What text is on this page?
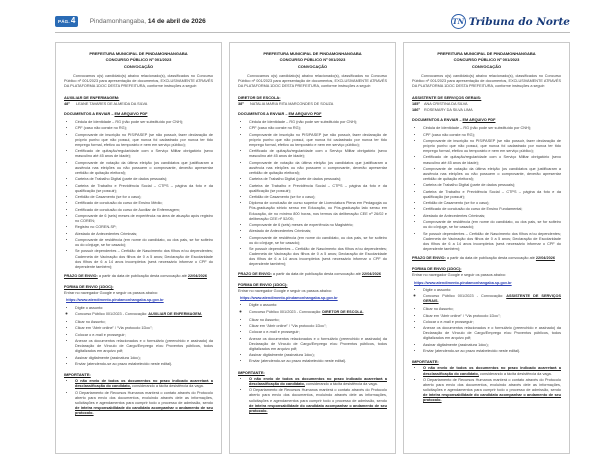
PÁG. 4 Pindamonhangaba, 14 de abril de 2026	TN Tribuna do Norte
PREFEITURA MUNICIPAL DE PINDAMONHANGABA
CONCURSO PÚBLICO Nº 001/2023
CONVOCAÇÃO

Convocamos o(s) candidato(s) abaixo relacionado(s), classificados no Concurso Público nº 001/2023 para apresentação de documentos, EXCLUSIVAMENTE ATRAVÉS DA PLATAFORMA 1DOC DESTA PREFEITURA, conforme instruções a seguir:

AUXILIAR DE ENFERMAGEM:
48ª	LEANE TAVARES DE ALMEIDA DA SILVA
DOCUMENTOS A ENVIAR – EM ARQUIVO PDF
• Cédula de Identidade – RG (não pode ser substituído por CNH);
• CPF (caso não conste no RG);
• Comprovante de inscrição no PIS/PASEP (se não possuir, fazer declaração de próprio punho que não possui, que nunca foi cadastrado por nunca ter tido emprego formal, efetivo ou temporário e nem em serviço público);
• Certificado de quitação/regularidade com o Serviço Militar obrigatório (sexo masculino até 45 anos de idade);
• Comprovante de votação da última eleição (os candidatos que justificaram a ausência nas eleições ou não possuem o comprovante, deverão apresentar certidão de quitação eleitoral);
• Carteira de Trabalho Digital (parte de dados pessoais);
• Carteira de Trabalho e Previdência Social – CTPS – página da foto e da qualificação (se possuir);
• Certidão de Casamento (se for o caso);
• Certificado de conclusão do curso de Ensino Médio;
• Certificado de conclusão do curso de Auxiliar de Enfermagem;
• Comprovante de 6 (seis) meses de experiência na área de atuação após registro no COREN;
• Registro no COREN-SP;
• Atestado de Antecedentes Criminais;
• Comprovante de residência (em nome do candidato, ou dos pais, se for solteiro ou do cônjuge, se for casado);
• Se possuir dependentes – Certidão de Nascimento dos filhos e/ou dependentes; Caderneta de Vacinação dos filhos de 0 a 5 anos; Declaração de Escolaridade dos filhos de 6 a 14 anos incompletos (será necessário informar o CPF do dependente também);

PRAZO DE ENVIO: a partir da data de publicação desta convocação até 22/04/2026

FORMA DE ENVIO (1DOC):

Entrar no navegador Google e seguir os passos abaixo:

https://www.atendimento.pindamonhangaba.sp.gov.br

• Digite o assunto:
◦ Concurso Público 001/2023 - Convocação: AUXILIAR DE ENFERMAGEM.
• Clicar no Assunto;
• Clicar em “Abrir online” / “Via protocolo 1Doc”;
• Colocar o e-mail e prosseguir;
• Anexar os documentos relacionados e o formulário (preenchido e assinado) da Declaração de Vínculo de Cargo/Emprego e/ou Proventos públicos, todos digitalizados em arquivo pdf;
• Assinar digitalmente (assinatura 1doc);
• Enviar (atendendo-se ao prazo estabelecido neste edital).
IMPORTANTE:
• O não envio de todos os documentos no prazo indicado acarretará a desclassificação do candidato, considerando a tácita desistência da vaga.
• O Departamento de Recursos Humanos manterá o contato através do Protocolo aberto para envio dos documentos, evoluindo através dele as informações, solicitações e agendamentos para cumprir todo o processo de admissão, sendo de inteira responsabilidade do candidato acompanhar o andamento de seu protocolo.
PREFEITURA MUNICIPAL DE PINDAMONHANGABA
CONCURSO PÚBLICO Nº 001/2023
CONVOCAÇÃO

Convocamos o(s) candidato(s) abaixo relacionado(s), classificados no Concurso Público nº 001/2023 para apresentação de documentos, EXCLUSIVAMENTE ATRAVÉS DA PLATAFORMA 1DOC DESTA PREFEITURA, conforme instruções a seguir:

DIRETOR DE ESCOLA:
38ª	NATALIA MARIA RITA MARCONDES DE SOUZA
DOCUMENTOS A ENVIAR – EM ARQUIVO PDF
• Cédula de Identidade – RG (não pode ser substituído por CNH);
• CPF (caso não conste no RG);
• Comprovante de inscrição no PIS/PASEP (se não possuir, fazer declaração de próprio punho que não possui, que nunca foi cadastrado por nunca ter tido emprego formal, efetivo ou temporário e nem em serviço público);
• Certificado de quitação/regularidade com o Serviço Militar obrigatório (sexo masculino até 45 anos de idade);
• Comprovante de votação da última eleição (os candidatos que justificaram a ausência nas eleições ou não possuem o comprovante, deverão apresentar certidão de quitação eleitoral);
• Carteira de Trabalho Digital (parte de dados pessoais);
• Carteira de Trabalho e Previdência Social – CTPS – página da foto e da qualificação (se possuir);
• Certidão de Casamento (se for o caso);
• Diploma de conclusão de curso superior de Licenciatura Plena em Pedagogia ou Pós-graduação stricto sensu em Educação, ou Pós-graduação lato sensu em Educação, de no mínimo 800 horas, nos termos da deliberação CEE nº 26/02 e deliberação CEE nº 52/05;
• Comprovante de 6 (seis) meses de experiência no Magistério;
• Atestado de Antecedentes Criminais;
• Comprovante de residência (em nome do candidato, ou dos pais, se for solteiro ou do cônjuge, se for casado);
• Se possuir dependentes – Certidão de Nascimento dos filhos e/ou dependentes; Caderneta de Vacinação dos filhos de 0 a 5 anos; Declaração de Escolaridade dos filhos de 6 a 14 anos incompletos (será necessário informar o CPF do dependente também);

PRAZO DE ENVIO: a partir da data de publicação desta convocação até 22/04/2026

FORMA DE ENVIO (1DOC):

Entrar no navegador Google e seguir os passos abaixo:

https://www.atendimento.pindamonhangaba.sp.gov.br

• Digite o assunto:
◦ Concurso Público 001/2023 - Convocação: DIRETOR DE ESCOLA.
• Clicar no Assunto;
• Clicar em “Abrir online” / “Via protocolo 1Doc”;
• Colocar o e-mail e prosseguir;
• Anexar os documentos relacionados e o formulário (preenchido e assinado) da Declaração de Vínculo de Cargo/Emprego e/ou Proventos públicos, todos digitalizados em arquivo pdf;
• Assinar digitalmente (assinatura 1doc);
• Enviar (atendendo-se ao prazo estabelecido neste edital).
IMPORTANTE:
• O não envio de todos os documentos no prazo indicado acarretará a desclassificação do candidato, considerando a tácita desistência da vaga.
• O Departamento de Recursos Humanos manterá o contato através do Protocolo aberto para envio dos documentos, evoluindo através dele as informações, solicitações e agendamentos para cumprir todo o processo de admissão, sendo de inteira responsabilidade do candidato acompanhar o andamento de seu protocolo.
PREFEITURA MUNICIPAL DE PINDAMONHANGABA
CONCURSO PÚBLICO Nº 001/2023
CONVOCAÇÃO

Convocamos o(s) candidato(s) abaixo relacionado(s), classificados no Concurso Público nº 001/2023 para apresentação de documentos, EXCLUSIVAMENTE ATRAVÉS DA PLATAFORMA 1DOC DESTA PREFEITURA, conforme instruções a seguir:

ASSISTENTE DE SERVIÇOS GERAIS:
185ª ANA CRISTINA DA SILVA
186ª ROSEMARY DA SILVA LIMA
DOCUMENTOS A ENVIAR – EM ARQUIVO PDF
• Cédula de Identidade – RG (não pode ser substituído por CNH);
• CPF (caso não conste no RG);
• Comprovante de inscrição no PIS/PASEP (se não possuir, fazer declaração de próprio punho que não possui, que nunca foi cadastrado por nunca ter tido emprego formal, efetivo ou temporário e nem em serviço público);
• Certificado de quitação/regularidade com o Serviço Militar obrigatório (sexo masculino até 45 anos de idade);
• Comprovante de votação da última eleição (os candidatos que justificaram a ausência nas eleições ou não possuem o comprovante, deverão apresentar certidão de quitação eleitoral);
• Carteira de Trabalho Digital (parte de dados pessoais);
• Carteira de Trabalho e Previdência Social – CTPS – página da foto e da qualificação (se possuir);
• Certidão de Casamento (se for o caso);
• Certificado de conclusão do curso de Ensino Fundamental;
• Atestado de Antecedentes Criminais;
• Comprovante de residência (em nome do candidato, ou dos pais, se for solteiro ou do cônjuge, se for casado);
• Se possuir dependentes – Certidão de Nascimento dos filhos e/ou dependentes; Caderneta de Vacinação dos filhos de 0 a 5 anos; Declaração de Escolaridade dos filhos de 6 a 14 anos incompletos (será necessário informar o CPF do dependente também);

PRAZO DE ENVIO: a partir da data de publicação desta convocação até 22/04/2026

FORMA DE ENVIO (1DOC):

Entrar no navegador Google e seguir os passos abaixo:

https://www.atendimento.pindamonhangaba.sp.gov.br

• Digite o assunto:
◦ Concurso Público 001/2023 - Convocação: ASSISTENTE DE SERVIÇOS GERAIS.
• Clicar no Assunto;
• Clicar em “Abrir online” / “Via protocolo 1Doc”;
• Colocar o e-mail e prosseguir;
• Anexar os documentos relacionados e o formulário (preenchido e assinado) da Declaração de Vínculo de Cargo/Emprego e/ou Proventos públicos, todos digitalizados em arquivo pdf;
• Assinar digitalmente (assinatura 1doc);
• Enviar (atendendo-se ao prazo estabelecido neste edital).
IMPORTANTE:
• O não envio de todos os documentos no prazo indicado acarretará a desclassificação do candidato, considerando a tácita desistência da vaga.
• O Departamento de Recursos Humanos manterá o contato através do Protocolo aberto para envio dos documentos, evoluindo através dele as informações, solicitações e agendamentos para cumprir todo o processo de admissão, sendo de inteira responsabilidade do candidato acompanhar o andamento de seu protocolo.
